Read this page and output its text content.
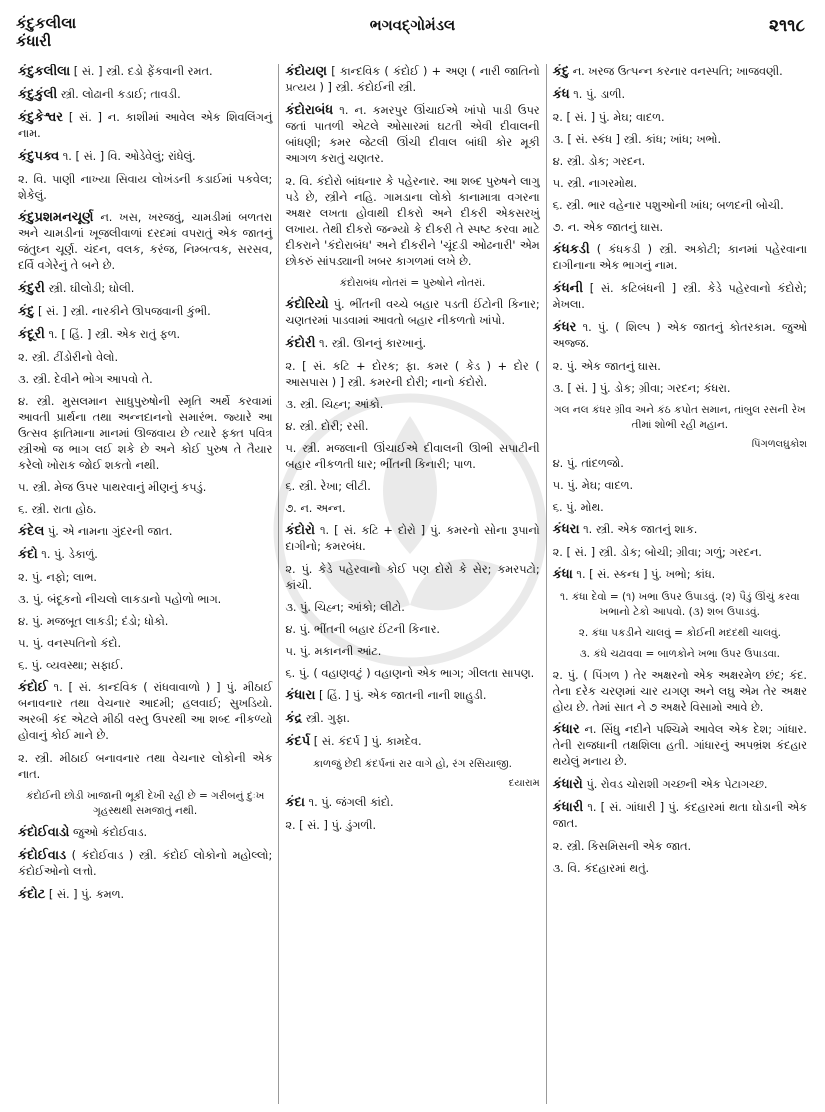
કંદુકલીલા
કંધારી
ભગવદ્ગોમંડલ	૨૧૧૮
કંદુકલીલા [ સં. ] સ્ત્રી. દડો ફેંકવાની રમત.
કંદુકુંલી સ્ત્રી. લોઢાની કડાઈ; તાવડી.
કંદુકેશ્વર [ સં. ] ન. કાશીમાં આવેલ એક શિવલિંગનું નામ.
કંદુપક્વ ૧. [ સં. ] વિ. ઓડેવેલું; રાંધેલું.
૨. વિ. પાણી નાખ્યા સિવાય લોખંડની કડાઈમાં પકવેલ; શેકેલું.
કંદુપ્રશમનચૂર્ણ ન. ખસ, ખરજવું, ચામડીમાં બળતરા અને ચામડીનાં ખૂજલીવાળાં દરદમાં વપરાતું એક જાતનું જંતુઘ્ન ચૂર્ણ. ચંદન, વલક, કરંજ, નિમ્બત્વક, સરસવ, દર્વિ વગેરેનું તે બને છે.
કંદુરી સ્ત્રી. ઘીલોડી; ઘોલી.
કંદુ [ સં. ] સ્ત્રી. નારકીને ઊપજવાની કુંભી.
કંદૂરી ૧. [ હિં. ] સ્ત્રી. એક રાતું ફળ.
૨. સ્ત્રી. ટીંડોરીનો વેલો.
૩. સ્ત્રી. દેવીને ભોગ આપવો તે.
૪. સ્ત્રી. મુસલમાન સાધુપુરુષોની સ્મૃતિ અર્થે કરવામાં આવતી પ્રાર્થના તથા અન્નદાનનો સમારંભ. જ્યારે આ ઉત્સવ ફાતિમાના માનમાં ઊજવાય છે ત્યારે ફક્ત પવિત્ર સ્ત્રીઓ જ ભાગ લઈ શકે છે અને કોઈ પુરુષ તે તૈયાર કરેલો ખોરાક જોઈ શકતો નથી.
૫. સ્ત્રી. મેજ ઉપર પાથરવાનું મીણનું કપડું.
૬. સ્ત્રી. રાતા હોઠ.
કંદેલ પું. એ નામના ગુંદરની જાત.
કંદો ૧. પું. ડેકાળું.
૨. પું. નફો; લાભ.
૩. પું. બંદૂકનો નીચલો લાકડાનો પહોળો ભાગ.
૪. પું. મજબૂત લાકડી; દંડો; ધોકો.
૫. પું. વનસ્પતિનો કંદો.
૬. પું. વ્યવસ્થા; સફાઈ.
કંદોઈ ૧. [ સં. કાન્દવિક ( રાંધવાવાળો ) ] પું. મીઠાઈ બનાવનાર તથા વેચનાર આદમી; હલવાઈ; સુખડિયો. અરબી કંદ એટલે મીઠી વસ્તુ ઉપરથી આ શબ્દ નીકળ્યો હોવાનું કોઈ માને છે.
૨. સ્ત્રી. મીઠાઈ બનાવનાર તથા વેચનાર લોકોની એક નાત.
કંદોઈની છોડી ખાજાની ભૂકી દેખી રહી છે = ગરીબનું દુઃખ ગૃહસ્થથી સમજાતું નથી.
કંદોઈવાડો જુઓ કંદોઈવાડ.
કંદોઈવાડ ( કંદોઈવાડ ) સ્ત્રી. કંદોઈ લોકોનો મહોલ્લો; કંદોઈઓનો લત્તો.
કંદોટ [ સં. ] પું. કમળ.
કંદોયણ [ કાન્દવિક ( કંદોઈ ) + અણ ( નારી જાતિનો પ્રત્યય ) ] સ્ત્રી. કંદોઈની સ્ત્રી.
કંદોરાબંધ ૧. ન. કમરપુર ઊંચાઈએ ખાંપો પાડી ઉપર જતાં પાતળી એટલે ઓસારમાં ઘટતી એવી દીવાલની બાંધણી; કમર જેટલી ઊંચી દીવાલ બાંધી કોર મૂકી આગળ કરાતું ચણતર.
૨. વિ. કંદોરો બાંધનાર કે પહેરનાર. આ શબ્દ પુરુષને લાગુ પડે છે, સ્ત્રીને નહિ. ગામડાના લોકો કાનામાત્રા વગરના અક્ષર લખતા હોવાથી દીકરો અને દીકરી એકસરખું લખાય. તેથી દીકરો જન્મ્યો કે દીકરી તે સ્પષ્ટ કરવા માટે દીકરાને 'કંદોરાબંધ' અને દીકરીને 'ચૂંદડી ઓઢનારી' એમ છોકરું સાંપડ્યાની ખબર કાગળમાં લખે છે.
કંદોરાબંધ નોતરાં = પુરુષોને નોતરાં.
કંદોરિયો પું. ભીંતની વચ્ચે બહાર પડતી ઈંટોની કિનાર; ચણતરમાં પાડવામાં આવતો બહાર નીકળતો ખાંપો.
કંદોરી ૧. સ્ત્રી. ઊનનું કારખાનું.
૨. [ સં. કટિ + દોરક; ફા. કમર ( કેડ ) + દોર ( આસપાસ ) ] સ્ત્રી. કમરની દોરી; નાનો કંદોરો.
૩. સ્ત્રી. ચિહ્ન; આંકો.
૪. સ્ત્રી. દોરી; રસી.
૫. સ્ત્રી. મજલાની ઊંચાઈએ દીવાલની ઊભી સપાટીની બહાર નીકળતી ધાર; ભીંતની કિનારી; પાળ.
૬. સ્ત્રી. રેખા; લીટી.
૭. ન. અન્ન.
કંદોરો ૧. [ સં. કટિ + દોરો ] પું. કમરનો સોના રૂપાનો દાગીનો; કમરબંધ.
૨. પું. કેડે પહેરવાનો કોઈ પણ દોરો કે સેર; કમરપટો; કાંચી.
૩. પું. ચિહ્ન; આંકો; લીટો.
૪. પું. ભીંતની બહાર ઈંટની કિનાર.
૫. પું. મકાનની આંટ.
૬. પું. ( વહાણવટું ) વહાણનો એક ભાગ; ગીલતા સાપણ.
કંધારા [ હિં. ] પું. એક જાતની નાની શાહુડી.
કંદ્ર સ્ત્રી. ગુફા.
કંદર્પ [ સં. કંદર્પ ] પું. કામદેવ.
કાળજું છેદી કંદર્પનાં રાર વાગે હો, રંગ રસિયાજી.
દયારામ
કંદા ૧. પું. જંગલી કાંદો.
૨. [ સં. ] પું. ડુંગળી.
કંદુ ન. ખરજ ઉત્પન્ન કરનાર વનસ્પતિ; ખાજવણી.
કંધ ૧. પું. ડાળી.
૨. [ સં. ] પું. મેઘ; વાદળ.
૩. [ સં. સ્કંધ ] સ્ત્રી. કાંધ; ખાંધ; ખભો.
૪. સ્ત્રી. ડોક; ગરદન.
૫. સ્ત્રી. નાગરમોથ.
૬. સ્ત્રી. ભાર વહેનાર પશુઓની ખાંધ; બળદની બોચી.
૭. ન. એક જાતનું ઘાસ.
કંધકડી ( કંધકડી ) સ્ત્રી. અકોટી; કાનમાં પહેરવાના દાગીનાના એક ભાગનું નામ.
કંધની [ સં. કટિબંધની ] સ્ત્રી. કેડે પહેરવાનો કંદોરો; મેખલા.
કંધર ૧. પું. ( શિલ્પ ) એક જાતનું કોતરકામ. જુઓ અજ્જ.
૨. પું. એક જાતનું ઘાસ.
૩. [ સં. ] પું. ડોક; ગ્રીવા; ગરદન; કંધરા.
ગલ નલ કંધર ગ્રીવ અને કંઠ કપોત સમાન, તાંબુલ રસની રેખ તીમાં શોભી રહી મહાન.
પિંગળલઘુકોશ
૪. પું. તાંદળજો.
૫. પું. મેઘ; વાદળ.
૬. પું. મોથ.
કંધરા ૧. સ્ત્રી. એક જાતનું શાક.
૨. [ સં. ] સ્ત્રી. ડોક; બોચી; ગ્રીવા; ગળું; ગરદન.
કંધા ૧. [ સં. સ્કન્ધ ] પું. ખભો; કાંધ.
૧. કંધા દેવો = (૧) ખભા ઉપર ઉપાડવું. (૨) પૈડું ઊંચું કરવા ખભાનો ટેકો આપવો. (૩) શબ ઉપાડવું.
૨. કંધા પકડીને ચાલવું = કોઈની મદદથી ચાલવું.
૩. કંધે ચઢાવવા = બાળકોને ખભા ઉપર ઉપાડવા.
૨. પું. ( પિંગળ ) તેર અક્ષરનો એક અક્ષરમેળ છંદ; કંદ. તેના દરેક ચરણમાં ચાર યગણ અને લઘુ એમ તેર અક્ષર હોય છે. તેમાં સાત ને ૭ અક્ષરે વિસામો આવે છે.
કંધાર ન. સિંધુ નદીને પશ્ચિમે આવેલ એક દેશ; ગાંધાર. તેની રાજધાની તક્ષશિલા હતી. ગાંધારનું અપભ્રંશ કંદહાર થયેલું મનાય છે.
કંધારો પું. રોવડ ચોરાશી ગચ્છની એક પેટાગચ્છ.
કંધારી ૧. [ સં. ગાંધારી ] પું. કંદહારમાં થતા ઘોડાની એક જાત.
૨. સ્ત્રી. કિસમિસની એક જાત.
૩. વિ. કંદહારમાં થતું.
